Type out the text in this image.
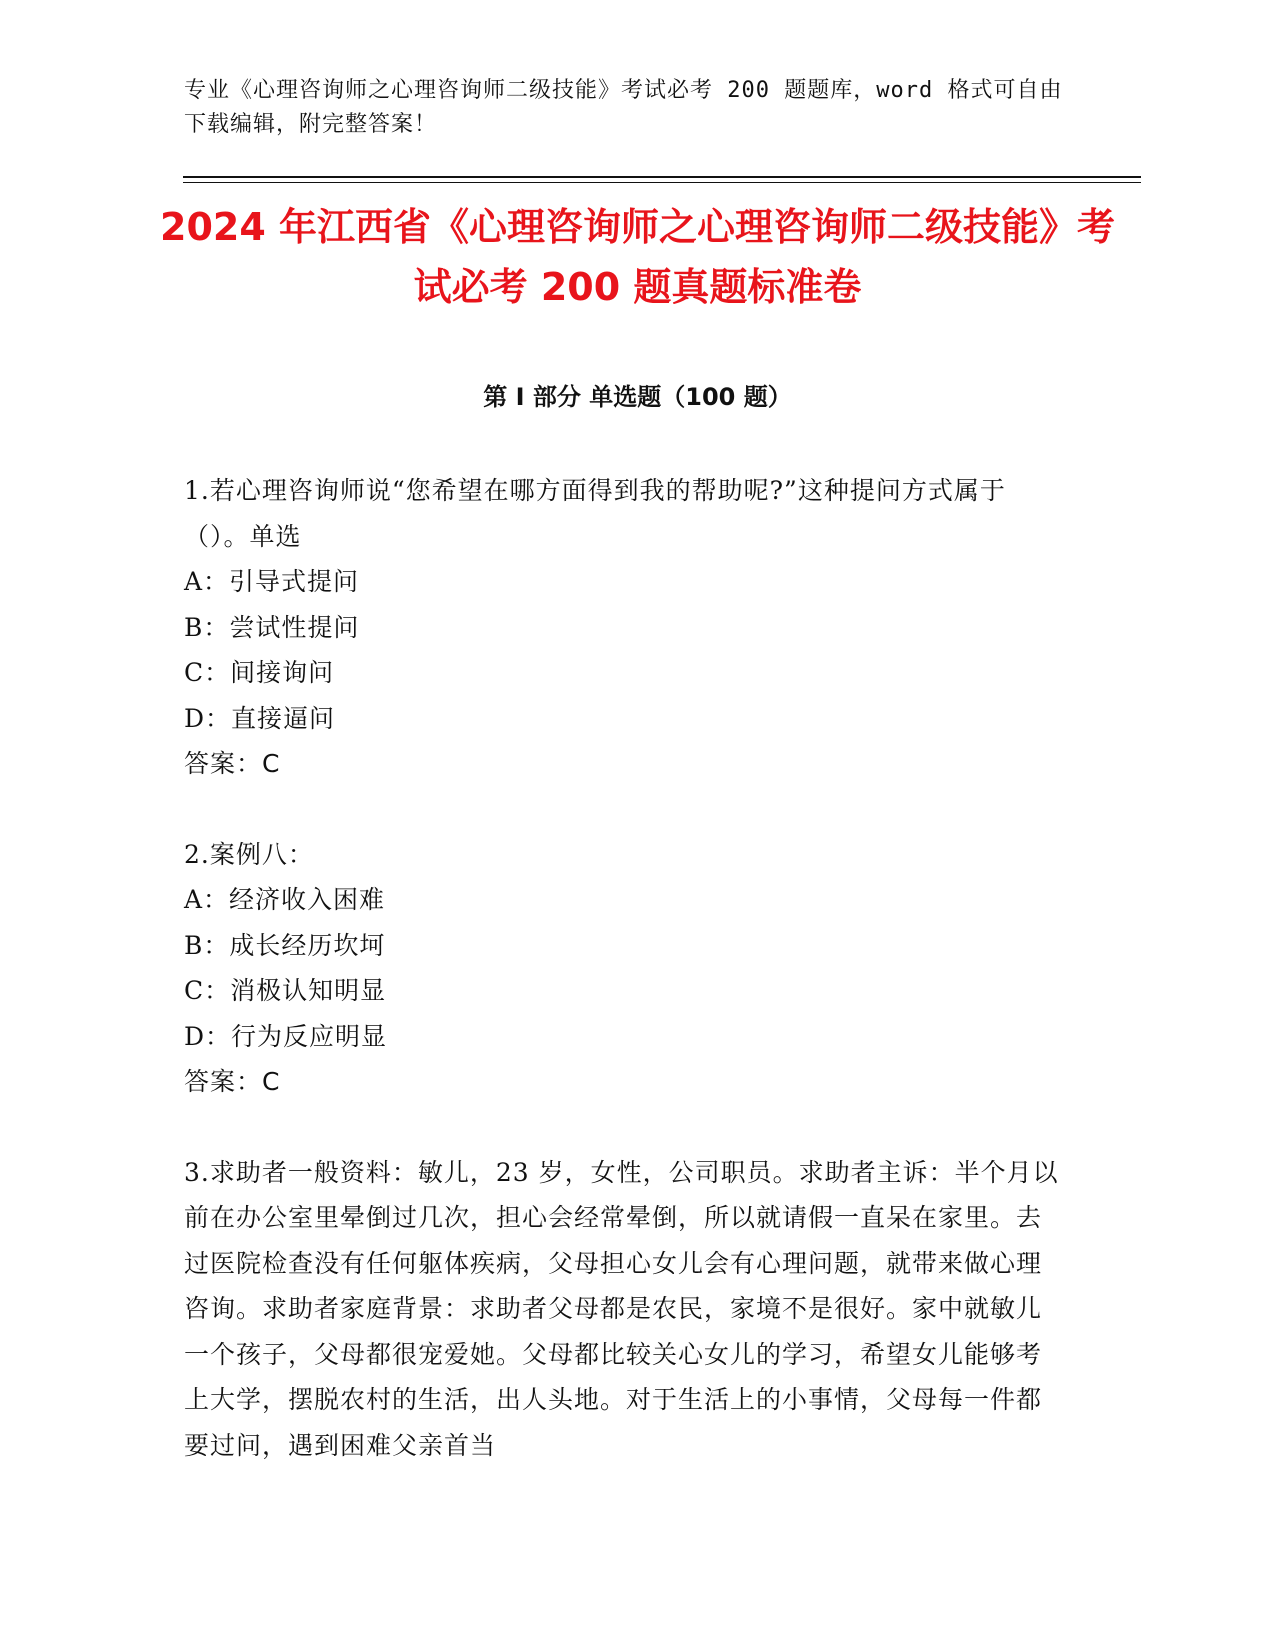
专业《心理咨询师之心理咨询师二级技能》考试必考 200 题题库，word 格式可自由下载编辑，附完整答案！
2024 年江西省《心理咨询师之心理咨询师二级技能》考试必考 200 题真题标准卷
第 I 部分 单选题（100 题）

1.若心理咨询师说“您希望在哪方面得到我的帮助呢?”这种提问方式属于（）。单选

A：引导式提问

B：尝试性提问

C：间接询问

D：直接逼问

答案：C

2.案例八：

A：经济收入困难

B：成长经历坎坷

C：消极认知明显

D：行为反应明显

答案：C

3.求助者一般资料：敏儿，23 岁，女性，公司职员。求助者主诉：半个月以前在办公室里晕倒过几次，担心会经常晕倒，所以就请假一直呆在家里。去过医院检查没有任何躯体疾病，父母担心女儿会有心理问题，就带来做心理咨询。求助者家庭背景：求助者父母都是农民，家境不是很好。家中就敏儿一个孩子，父母都很宠爱她。父母都比较关心女儿的学习，希望女儿能够考上大学，摆脱农村的生活，出人头地。对于生活上的小事情，父母每一件都要过问，遇到困难父亲首当
